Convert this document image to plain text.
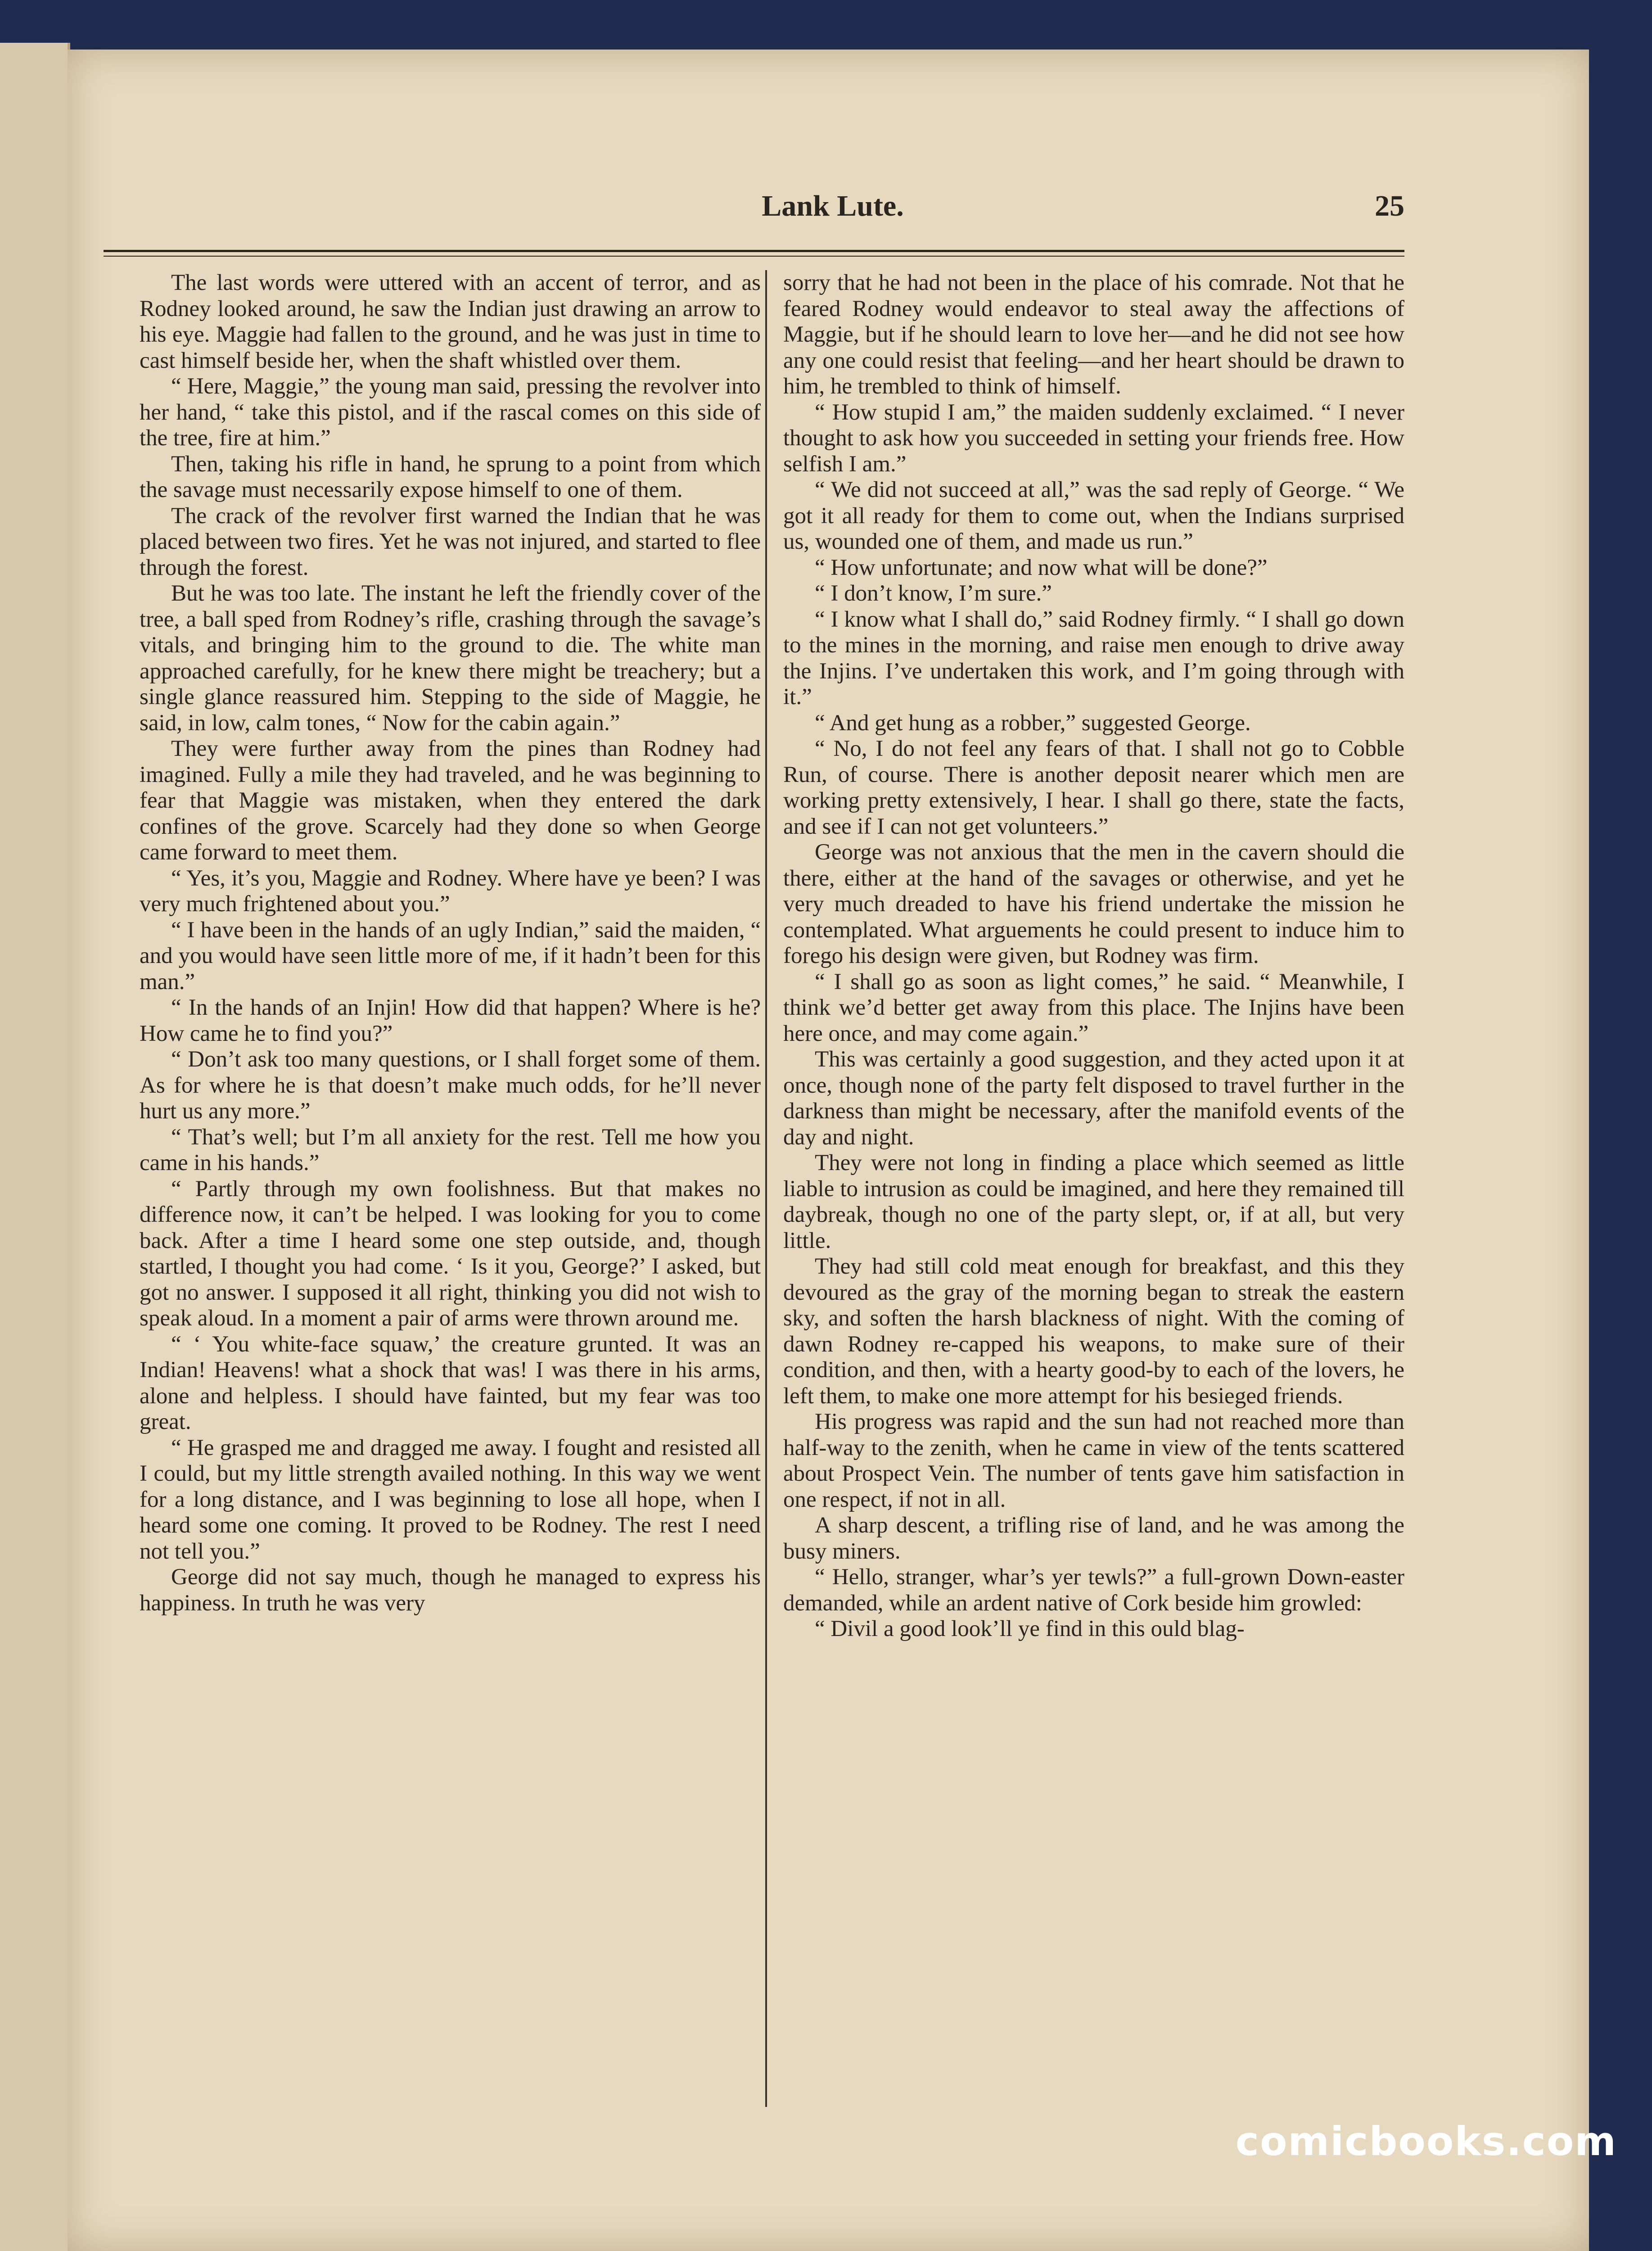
Lank Lute.	25

The last words were uttered with an accent of terror, and as Rodney looked around, he saw the Indian just drawing an arrow to his eye. Maggie had fallen to the ground, and he was just in time to cast himself beside her, when the shaft whistled over them.

“ Here, Maggie,” the young man said, pressing the revolver into her hand, “ take this pistol, and if the rascal comes on this side of the tree, fire at him.”

Then, taking his rifle in hand, he sprung to a point from which the savage must necessarily expose himself to one of them.

The crack of the revolver first warned the Indian that he was placed between two fires. Yet he was not injured, and started to flee through the forest.

But he was too late. The instant he left the friendly cover of the tree, a ball sped from Rodney’s rifle, crashing through the savage’s vitals, and bringing him to the ground to die. The white man approached carefully, for he knew there might be treachery; but a single glance reassured him. Stepping to the side of Maggie, he said, in low, calm tones, “ Now for the cabin again.”

They were further away from the pines than Rodney had imagined. Fully a mile they had traveled, and he was beginning to fear that Maggie was mistaken, when they entered the dark confines of the grove. Scarcely had they done so when George came forward to meet them.

“ Yes, it’s you, Maggie and Rodney. Where have ye been? I was very much frightened about you.”

“ I have been in the hands of an ugly Indian,” said the maiden, “ and you would have seen little more of me, if it hadn’t been for this man.”

“ In the hands of an Injin! How did that happen? Where is he? How came he to find you?”

“ Don’t ask too many questions, or I shall forget some of them. As for where he is that doesn’t make much odds, for he’ll never hurt us any more.”

“ That’s well; but I’m all anxiety for the rest. Tell me how you came in his hands.”

“ Partly through my own foolishness. But that makes no difference now, it can’t be helped. I was looking for you to come back. After a time I heard some one step outside, and, though startled, I thought you had come. ‘ Is it you, George?’ I asked, but got no answer. I supposed it all right, thinking you did not wish to speak aloud. In a moment a pair of arms were thrown around me.

“ ‘ You white-face squaw,’ the creature grunted. It was an Indian! Heavens! what a shock that was! I was there in his arms, alone and helpless. I should have fainted, but my fear was too great.

“ He grasped me and dragged me away. I fought and resisted all I could, but my little strength availed nothing. In this way we went for a long distance, and I was beginning to lose all hope, when I heard some one coming. It proved to be Rodney. The rest I need not tell you.”

George did not say much, though he managed to express his happiness. In truth he was very

sorry that he had not been in the place of his comrade. Not that he feared Rodney would endeavor to steal away the affections of Maggie, but if he should learn to love her—and he did not see how any one could resist that feeling—and her heart should be drawn to him, he trembled to think of himself.

“ How stupid I am,” the maiden suddenly exclaimed. “ I never thought to ask how you succeeded in setting your friends free. How selfish I am.”

“ We did not succeed at all,” was the sad reply of George. “ We got it all ready for them to come out, when the Indians surprised us, wounded one of them, and made us run.”

“ How unfortunate; and now what will be done?”

“ I don’t know, I’m sure.”

“ I know what I shall do,” said Rodney firmly. “ I shall go down to the mines in the morning, and raise men enough to drive away the Injins. I’ve undertaken this work, and I’m going through with it.”

“ And get hung as a robber,” suggested George.

“ No, I do not feel any fears of that. I shall not go to Cobble Run, of course. There is another deposit nearer which men are working pretty extensively, I hear. I shall go there, state the facts, and see if I can not get volunteers.”

George was not anxious that the men in the cavern should die there, either at the hand of the savages or otherwise, and yet he very much dreaded to have his friend undertake the mission he contemplated. What arguements he could present to induce him to forego his design were given, but Rodney was firm.

“ I shall go as soon as light comes,” he said. “ Meanwhile, I think we’d better get away from this place. The Injins have been here once, and may come again.”

This was certainly a good suggestion, and they acted upon it at once, though none of the party felt disposed to travel further in the darkness than might be necessary, after the manifold events of the day and night.

They were not long in finding a place which seemed as little liable to intrusion as could be imagined, and here they remained till daybreak, though no one of the party slept, or, if at all, but very little.

They had still cold meat enough for breakfast, and this they devoured as the gray of the morning began to streak the eastern sky, and soften the harsh blackness of night. With the coming of dawn Rodney re-capped his weapons, to make sure of their condition, and then, with a hearty good-by to each of the lovers, he left them, to make one more attempt for his besieged friends.

His progress was rapid and the sun had not reached more than half-way to the zenith, when he came in view of the tents scattered about Prospect Vein. The number of tents gave him satisfaction in one respect, if not in all.

A sharp descent, a trifling rise of land, and he was among the busy miners.

“ Hello, stranger, whar’s yer tewls?” a full-grown Down-easter demanded, while an ardent native of Cork beside him growled:

“ Divil a good look’ll ye find in this ould blag-

comicbooks.com
